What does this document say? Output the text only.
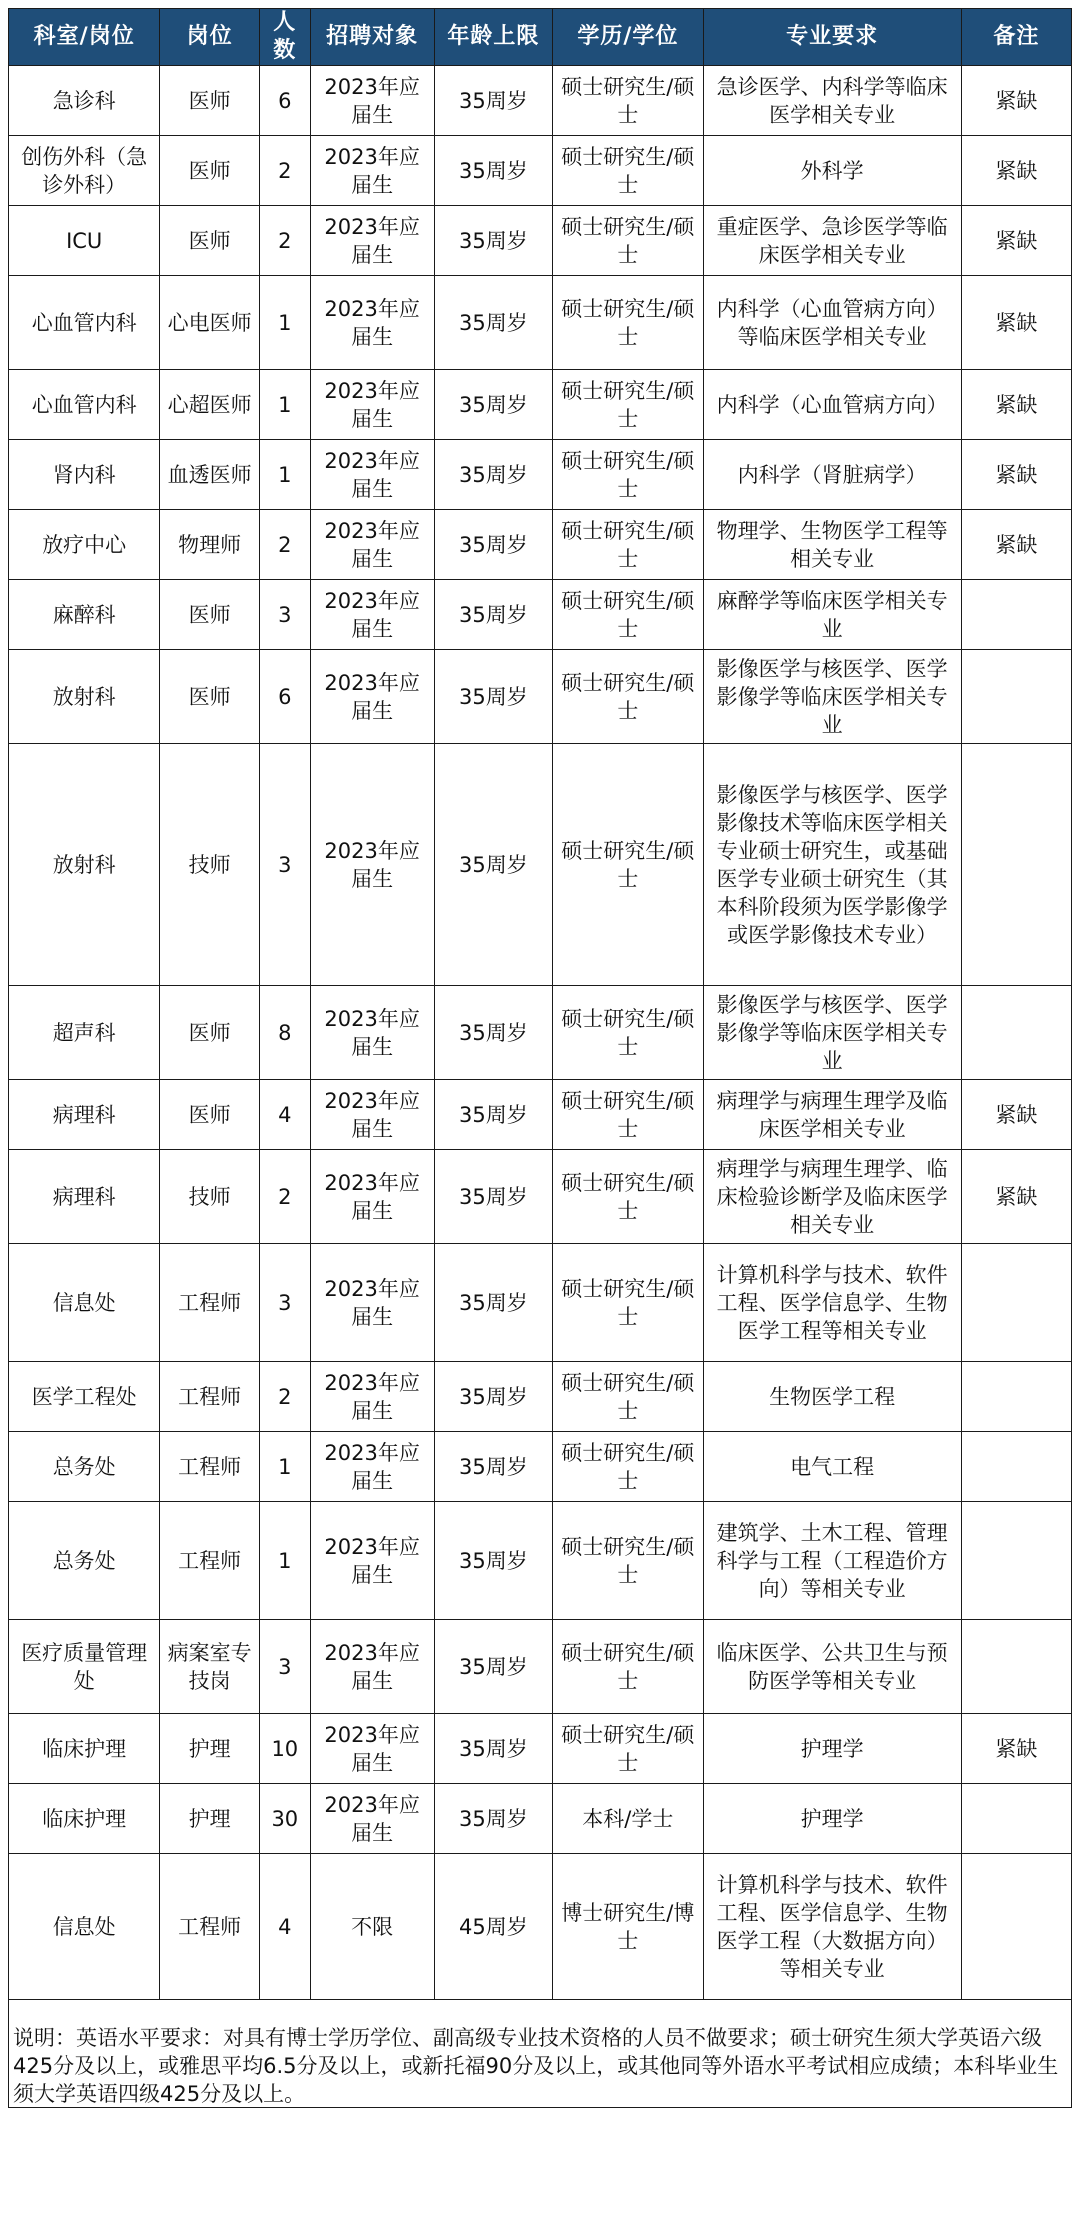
科室/岗位	岗位	人数	招聘对象	年龄上限	学历/学位	专业要求	备注
急诊科	医师	6	2023年应届生	35周岁	硕士研究生/硕士	急诊医学、内科学等临床医学相关专业	紧缺
创伤外科（急诊外科）	医师	2	2023年应届生	35周岁	硕士研究生/硕士	外科学	紧缺
ICU	医师	2	2023年应届生	35周岁	硕士研究生/硕士	重症医学、急诊医学等临床医学相关专业	紧缺
心血管内科	心电医师	1	2023年应届生	35周岁	硕士研究生/硕士	内科学（心血管病方向）等临床医学相关专业	紧缺
心血管内科	心超医师	1	2023年应届生	35周岁	硕士研究生/硕士	内科学（心血管病方向）	紧缺
肾内科	血透医师	1	2023年应届生	35周岁	硕士研究生/硕士	内科学（肾脏病学）	紧缺
放疗中心	物理师	2	2023年应届生	35周岁	硕士研究生/硕士	物理学、生物医学工程等相关专业	紧缺
麻醉科	医师	3	2023年应届生	35周岁	硕士研究生/硕士	麻醉学等临床医学相关专业	
放射科	医师	6	2023年应届生	35周岁	硕士研究生/硕士	影像医学与核医学、医学影像学等临床医学相关专业	
放射科	技师	3	2023年应届生	35周岁	硕士研究生/硕士	影像医学与核医学、医学影像技术等临床医学相关专业硕士研究生，或基础医学专业硕士研究生（其本科阶段须为医学影像学或医学影像技术专业）	
超声科	医师	8	2023年应届生	35周岁	硕士研究生/硕士	影像医学与核医学、医学影像学等临床医学相关专业	
病理科	医师	4	2023年应届生	35周岁	硕士研究生/硕士	病理学与病理生理学及临床医学相关专业	紧缺
病理科	技师	2	2023年应届生	35周岁	硕士研究生/硕士	病理学与病理生理学、临床检验诊断学及临床医学相关专业	紧缺
信息处	工程师	3	2023年应届生	35周岁	硕士研究生/硕士	计算机科学与技术、软件工程、医学信息学、生物医学工程等相关专业	
医学工程处	工程师	2	2023年应届生	35周岁	硕士研究生/硕士	生物医学工程	
总务处	工程师	1	2023年应届生	35周岁	硕士研究生/硕士	电气工程	
总务处	工程师	1	2023年应届生	35周岁	硕士研究生/硕士	建筑学、土木工程、管理科学与工程（工程造价方向）等相关专业	
医疗质量管理处	病案室专技岗	3	2023年应届生	35周岁	硕士研究生/硕士	临床医学、公共卫生与预防医学等相关专业	
临床护理	护理	10	2023年应届生	35周岁	硕士研究生/硕士	护理学	紧缺
临床护理	护理	30	2023年应届生	35周岁	本科/学士	护理学	
信息处	工程师	4	不限	45周岁	博士研究生/博士	计算机科学与技术、软件工程、医学信息学、生物医学工程（大数据方向）等相关专业	
说明：英语水平要求：对具有博士学历学位、副高级专业技术资格的人员不做要求；硕士研究生须大学英语六级425分及以上，或雅思平均6.5分及以上，或新托福90分及以上，或其他同等外语水平考试相应成绩；本科毕业生须大学英语四级425分及以上。
